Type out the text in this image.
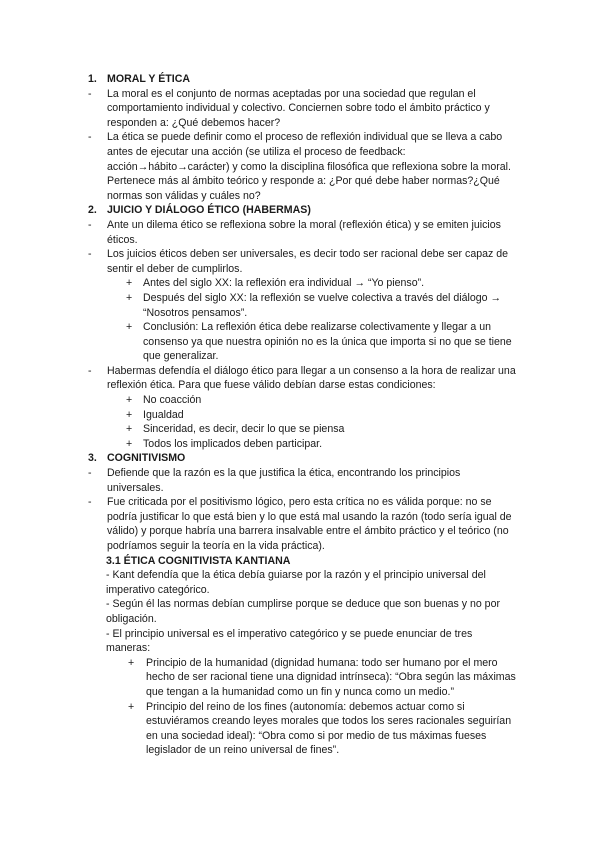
1. MORAL Y ÉTICA
-	La moral es el conjunto de normas aceptadas por una sociedad que regulan el comportamiento individual y colectivo. Conciernen sobre todo el ámbito práctico y responden a: ¿Qué debemos hacer?
-	La ética se puede definir como el proceso de reflexión individual que se lleva a cabo antes de ejecutar una acción (se utiliza el proceso de feedback: acción→hábito→carácter) y como la disciplina filosófica que reflexiona sobre la moral. Pertenece más al ámbito teórico y responde a: ¿Por qué debe haber normas?¿Qué normas son válidas y cuáles no?
2. JUICIO Y DIÁLOGO ÉTICO (HABERMAS)
-	Ante un dilema ético se reflexiona sobre la moral (reflexión ética) y se emiten juicios éticos.
-	Los juicios éticos deben ser universales, es decir todo ser racional debe ser capaz de sentir el deber de cumplirlos.
+	Antes del siglo XX: la reflexión era individual → “Yo pienso”.
+	Después del siglo XX: la reflexión se vuelve colectiva a través del diálogo → “Nosotros pensamos”.
+	Conclusión: La reflexión ética debe realizarse colectivamente y llegar a un consenso ya que nuestra opinión no es la única que importa si no que se tiene que generalizar.
-	Habermas defendía el diálogo ético para llegar a un consenso a la hora de realizar una reflexión ética. Para que fuese válido debían darse estas condiciones:
+	No coacción
+	Igualdad
+	Sinceridad, es decir, decir lo que se piensa
+	Todos los implicados deben participar.
3. COGNITIVISMO
-	Defiende que la razón es la que justifica la ética, encontrando los principios universales.
-	Fue criticada por el positivismo lógico, pero esta crítica no es válida porque: no se podría justificar lo que está bien y lo que está mal usando la razón (todo sería igual de válido) y porque habría una barrera insalvable entre el ámbito práctico y el teórico (no podríamos seguir la teoría en la vida práctica).
3.1 ÉTICA COGNITIVISTA KANTIANA
- Kant defendía que la ética debía guiarse por la razón y el principio universal del imperativo categórico.
- Según él las normas debían cumplirse porque se deduce que son buenas y no por obligación.
- El principio universal es el imperativo categórico y se puede enunciar de tres maneras:
+	Principio de la humanidad (dignidad humana: todo ser humano por el mero hecho de ser racional tiene una dignidad intrínseca): “Obra según las máximas que tengan a la humanidad como un fin y nunca como un medio.”
+	Principio del reino de los fines (autonomía: debemos actuar como si estuviéramos creando leyes morales que todos los seres racionales seguirían en una sociedad ideal): “Obra como si por medio de tus máximas fueses legislador de un reino universal de fines”.
